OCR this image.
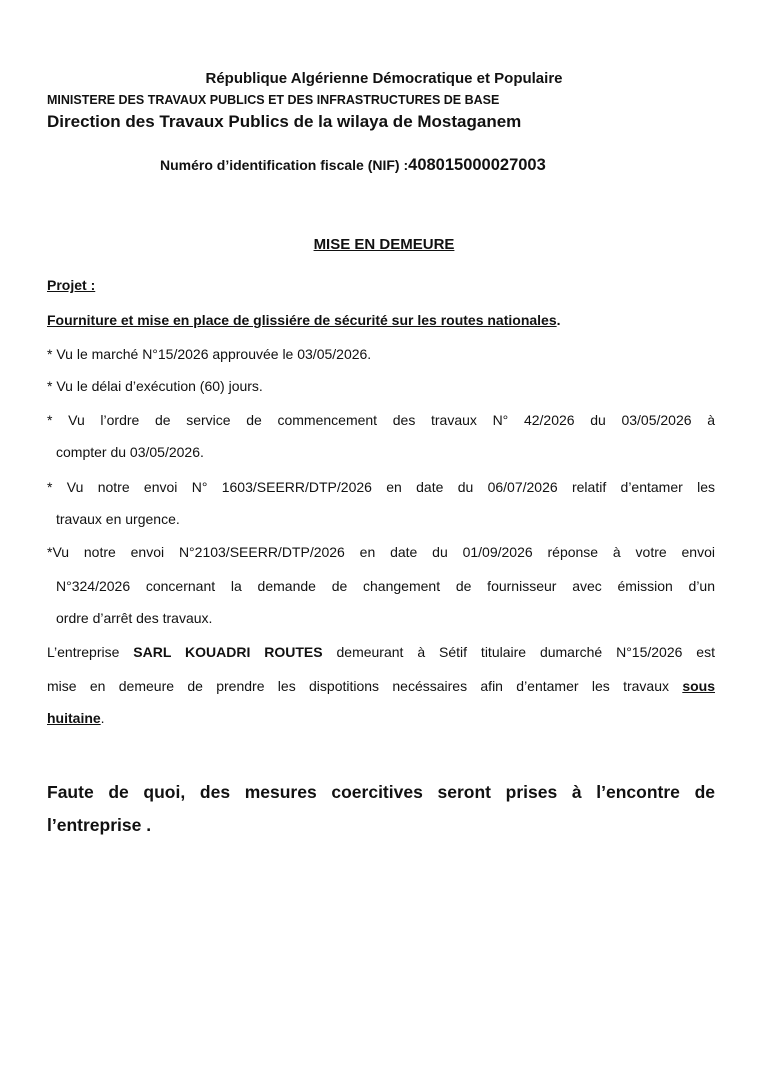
République Algérienne Démocratique et Populaire
MINISTERE DES TRAVAUX PUBLICS ET DES INFRASTRUCTURES DE BASE
Direction des Travaux Publics de la wilaya de Mostaganem
Numéro d’identification fiscale (NIF) :408015000027003
MISE EN DEMEURE
Projet :
Fourniture et mise en place de glissiére de sécurité sur les routes nationales.
* Vu le marché N°15/2026 approuvée le 03/05/2026.
* Vu le délai d’exécution (60) jours.
* Vu l’ordre de service de commencement des travaux N° 42/2026 du 03/05/2026 à
compter du 03/05/2026.
* Vu notre envoi N° 1603/SEERR/DTP/2026 en date du 06/07/2026 relatif d’entamer les
travaux en urgence.
*Vu notre envoi N°2103/SEERR/DTP/2026 en date du 01/09/2026 réponse à votre envoi
N°324/2026 concernant la demande de changement de fournisseur avec émission d’un
ordre d’arrêt des travaux.
L’entreprise SARL KOUADRI ROUTES demeurant à Sétif titulaire dumarché N°15/2026 est
mise en demeure de prendre les dispotitions necéssaires afin d’entamer les travaux sous
huitaine.
Faute de quoi, des mesures coercitives seront prises à l’encontre de
l’entreprise .
